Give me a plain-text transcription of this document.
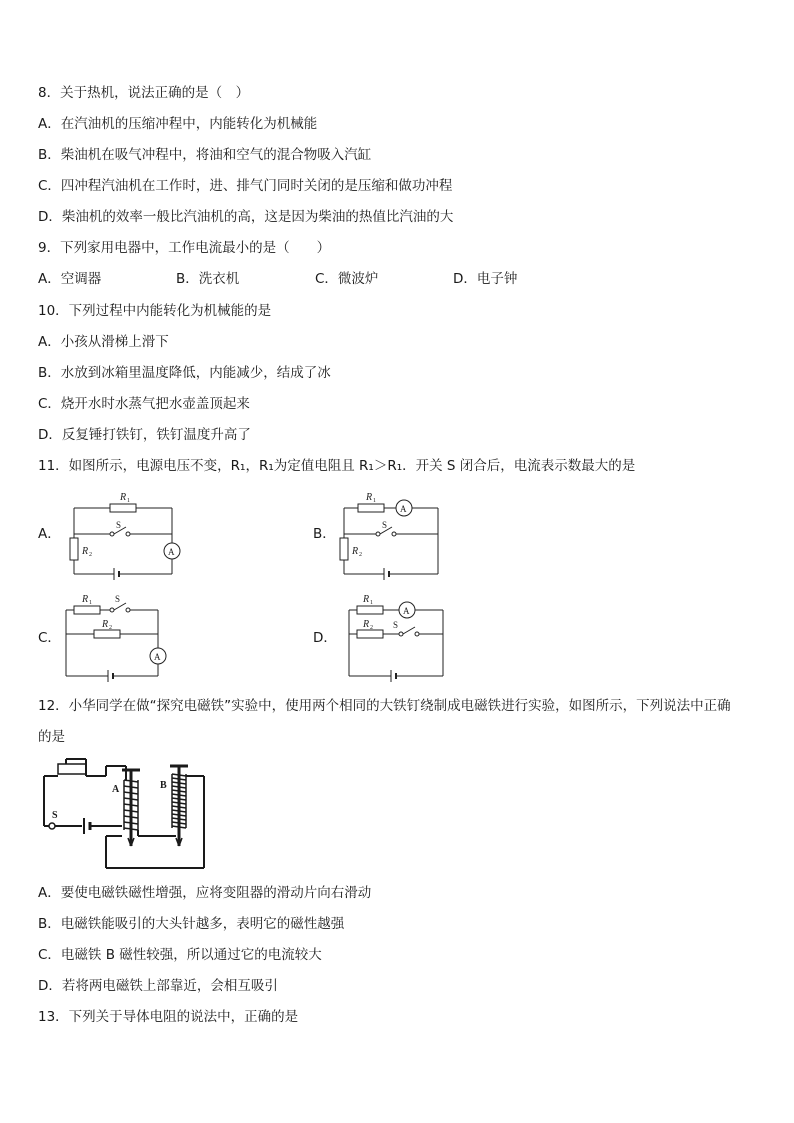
8．关于热机，说法正确的是（　）
A．在汽油机的压缩冲程中，内能转化为机械能
B．柴油机在吸气冲程中，将油和空气的混合物吸入汽缸
C．四冲程汽油机在工作时，进、排气门同时关闭的是压缩和做功冲程
D．柴油机的效率一般比汽油机的高，这是因为柴油的热值比汽油的大
9．下列家用电器中，工作电流最小的是（　　）
A．空调器	B．洗衣机	C．微波炉	D．电子钟
10．下列过程中内能转化为机械能的是
A．小孩从滑梯上滑下
B．水放到冰箱里温度降低，内能减少，结成了冰
C．烧开水时水蒸气把水壶盖顶起来
D．反复锤打铁钉，铁钉温度升高了
11．如图所示，电源电压不变，R₁，R₁为定值电阻且 R₁＞R₁．开关 S 闭合后，电流表示数最大的是
A．	B．
C．	D．
R 1
R 2
S
A
R 1
R 2
S
A
R 1
R 2
S
A
R 1
R 2 S
A
12．小华同学在做“探究电磁铁”实验中，使用两个相同的大铁钉绕制成电磁铁进行实验，如图所示，下列说法中正确
的是
A	B
S
A．要使电磁铁磁性增强，应将变阻器的滑动片向右滑动
B．电磁铁能吸引的大头针越多，表明它的磁性越强
C．电磁铁 B 磁性较强，所以通过它的电流较大
D．若将两电磁铁上部靠近，会相互吸引
13．下列关于导体电阻的说法中，正确的是
